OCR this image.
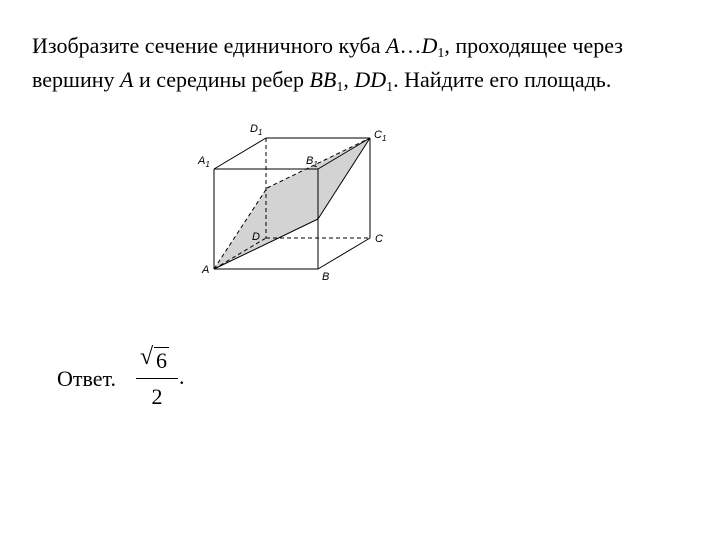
Изобразите сечение единичного куба $A\dots D_1$, проходящее через вершину A и середины ребер $BB_1$, $DD_1$. Найдите его площадь.
$D_1$	$C_1$
$A_1$	$B_1$
D	C
A
B
Ответ.
√ 6
2
.
